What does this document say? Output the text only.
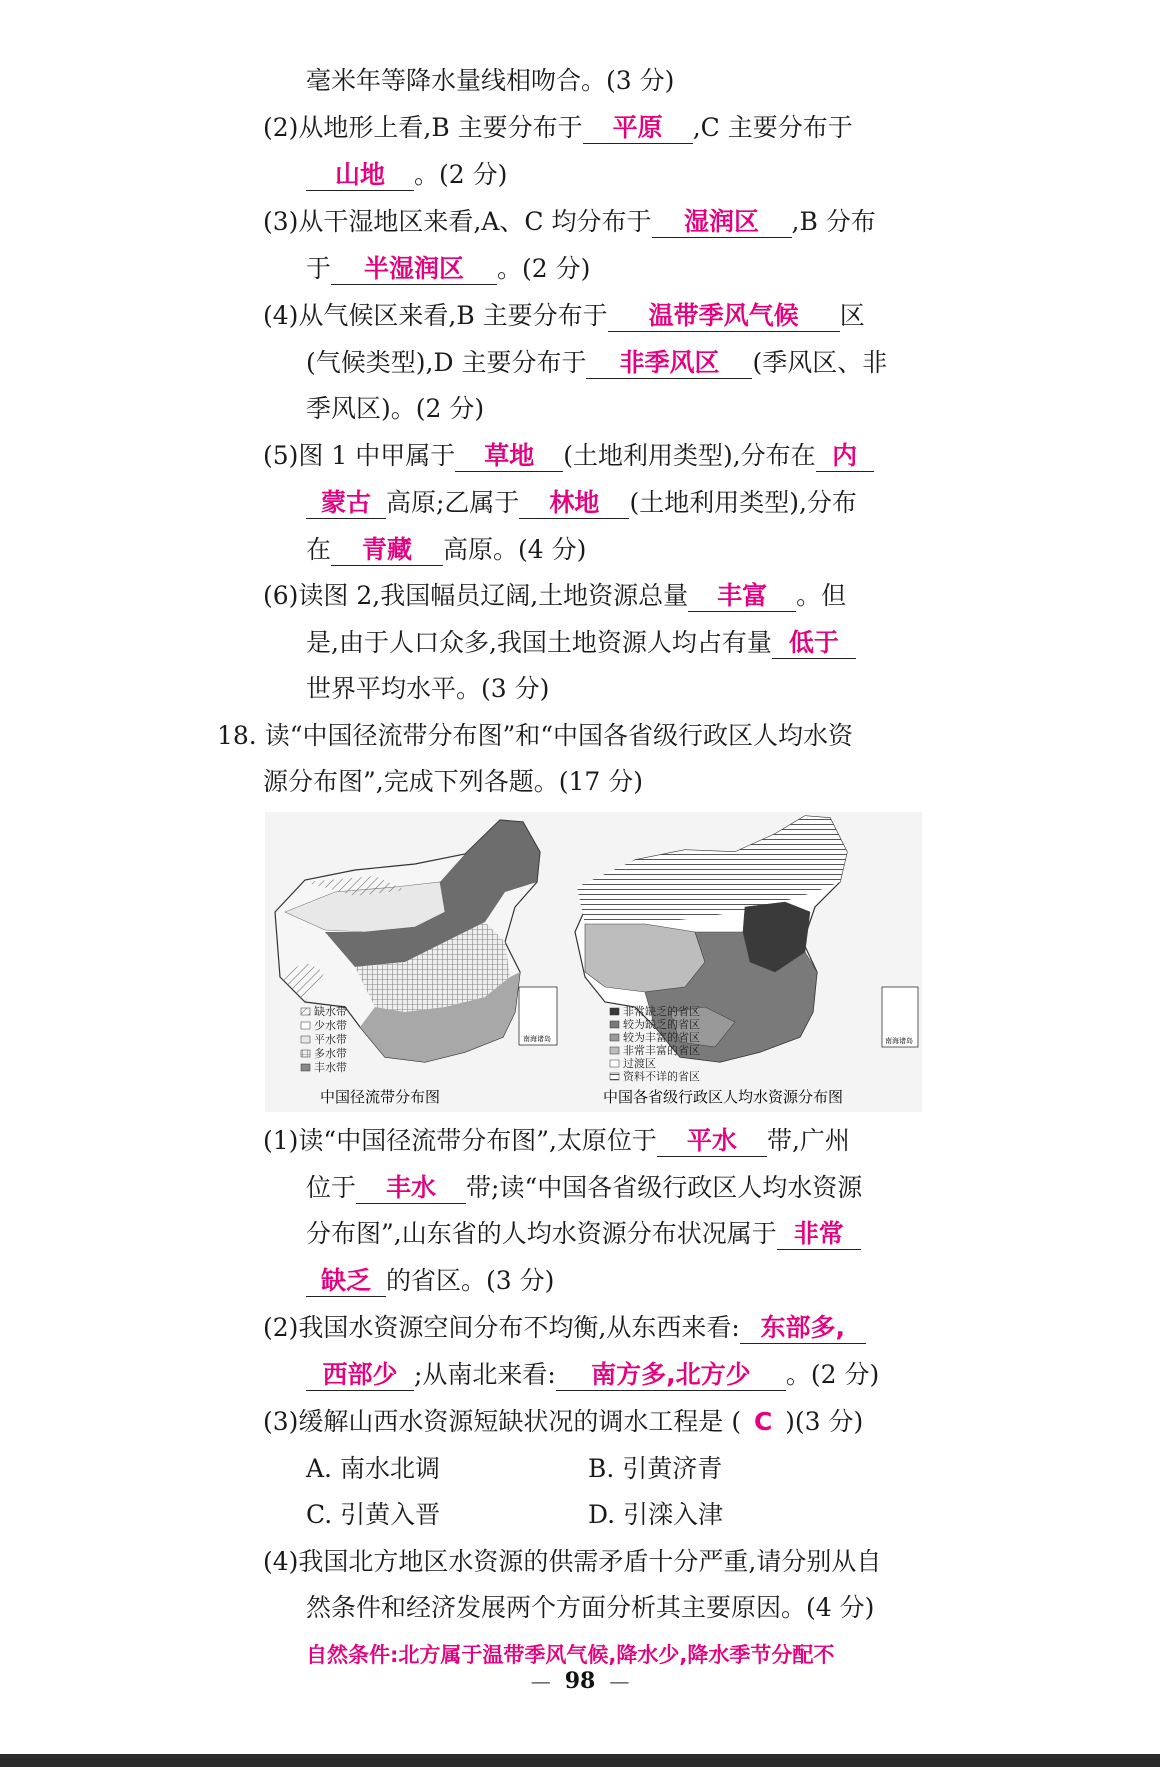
毫米年等降水量线相吻合。(3 分)
(2)从地形上看,B 主要分布于 平原 ,C 主要分布于
山地 。(2 分)
(3)从干湿地区来看,A、C 均分布于 湿润区 ,B 分布
于 半湿润区 。(2 分)
(4)从气候区来看,B 主要分布于 温带季风气候 区
(气候类型),D 主要分布于 非季风区 (季风区、非
季风区)。(2 分)
(5)图 1 中甲属于 草地 (土地利用类型),分布在 内
蒙古 高原;乙属于 林地 (土地利用类型),分布
在 青藏 高原。(4 分)
(6)读图 2,我国幅员辽阔,土地资源总量 丰富 。但
是,由于人口众多,我国土地资源人均占有量 低于
世界平均水平。(3 分)
18. 读“中国径流带分布图”和“中国各省级行政区人均水资
源分布图”,完成下列各题。(17 分)
南海诸岛
缺水带
少水带
平水带
多水带
丰水带
中国径流带分布图
南海诸岛
非常缺乏的省区
较为缺乏的省区
较为丰富的省区
非常丰富的省区
过渡区
资料不详的省区
中国各省级行政区人均水资源分布图
(1)读“中国径流带分布图”,太原位于 平水 带,广州
位于 丰水 带;读“中国各省级行政区人均水资源
分布图”,山东省的人均水资源分布状况属于 非常
缺乏 的省区。(3 分)
(2)我国水资源空间分布不均衡,从东西来看: 东部多,
西部少 ;从南北来看: 南方多,北方少 。(2 分)
(3)缓解山西水资源短缺状况的调水工程是 ( C )(3 分)
A. 南水北调	B. 引黄济青
C. 引黄入晋	D. 引滦入津
(4)我国北方地区水资源的供需矛盾十分严重,请分别从自
然条件和经济发展两个方面分析其主要原因。(4 分)
自然条件:北方属于温带季风气候,降水少,降水季节分配不
— 98 —
